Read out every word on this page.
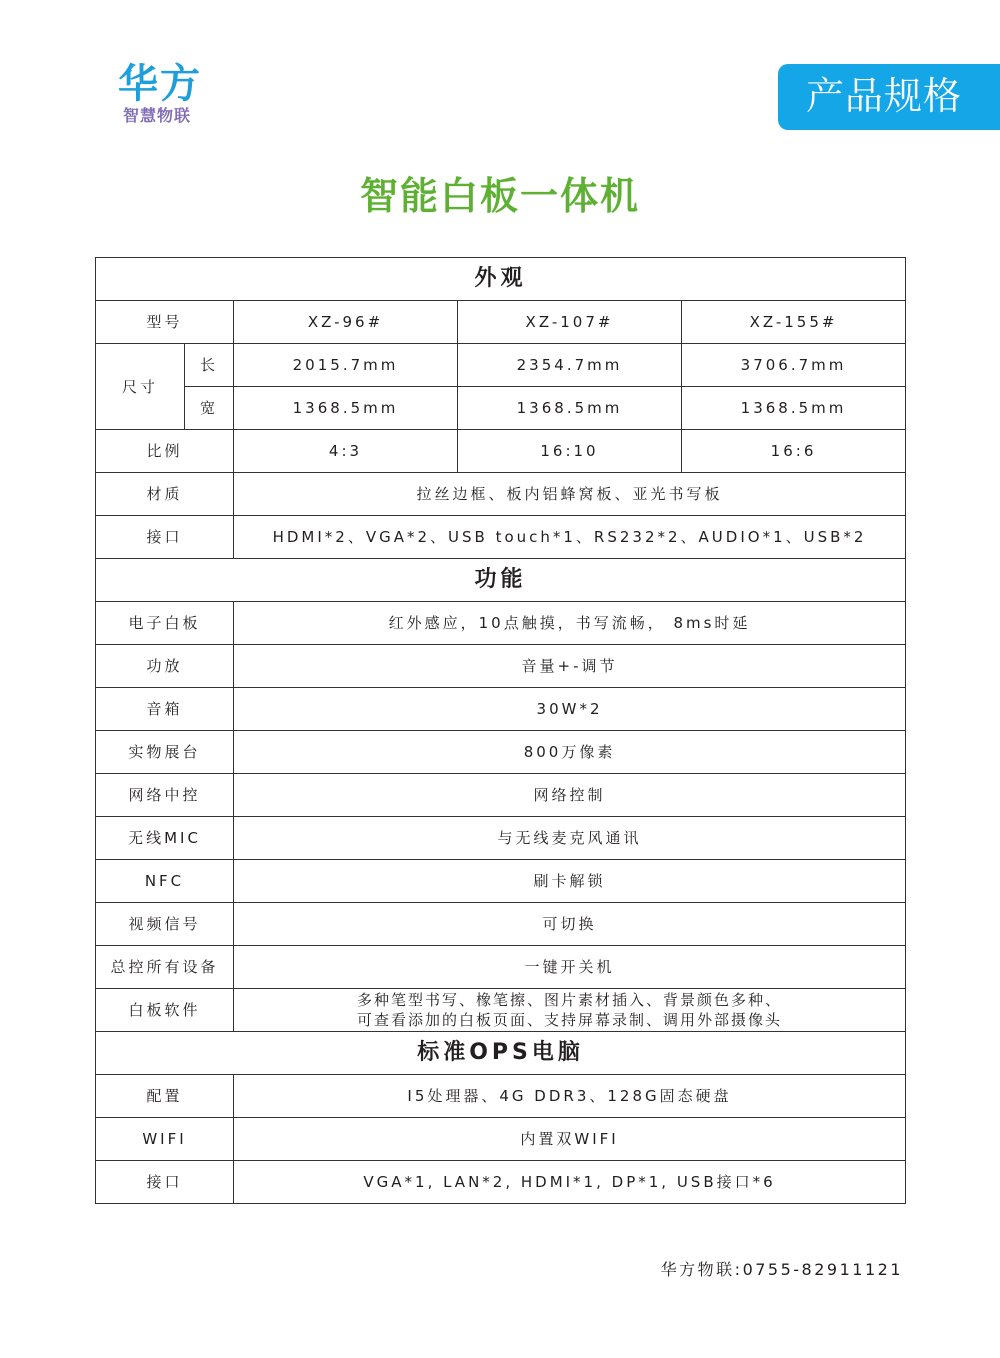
华方
智慧物联	产品规格
智能白板一体机
外观				
型号		XZ-96#	XZ-107#	XZ-155#
尺寸	长	2015.7mm	2354.7mm	3706.7mm
	宽	1368.5mm	1368.5mm	1368.5mm
比例		4:3	16:10	16:6
材质		拉丝边框、板内铝蜂窝板、亚光书写板		
接口		HDMI*2、VGA*2、USB touch*1、RS232*2、AUDIO*1、USB*2		
功能				
电子白板		红外感应，10点触摸，书写流畅， 8ms时延		
功放		音量+-调节		
音箱		30W*2		
实物展台		800万像素		
网络中控		网络控制		
无线MIC		与无线麦克风通讯		
NFC		刷卡解锁		
视频信号		可切换		
总控所有设备		一键开关机		
白板软件		多种笔型书写、橡笔擦、图片素材插入、背景颜色多种、
可查看添加的白板页面、支持屏幕录制、调用外部摄像头		

标准OPS电脑				
配置		I5处理器、4G DDR3、128G固态硬盘		
WIFI		内置双WIFI		
接口		VGA*1, LAN*2, HDMI*1, DP*1, USB接口*6		
华方物联:0755-82911121
